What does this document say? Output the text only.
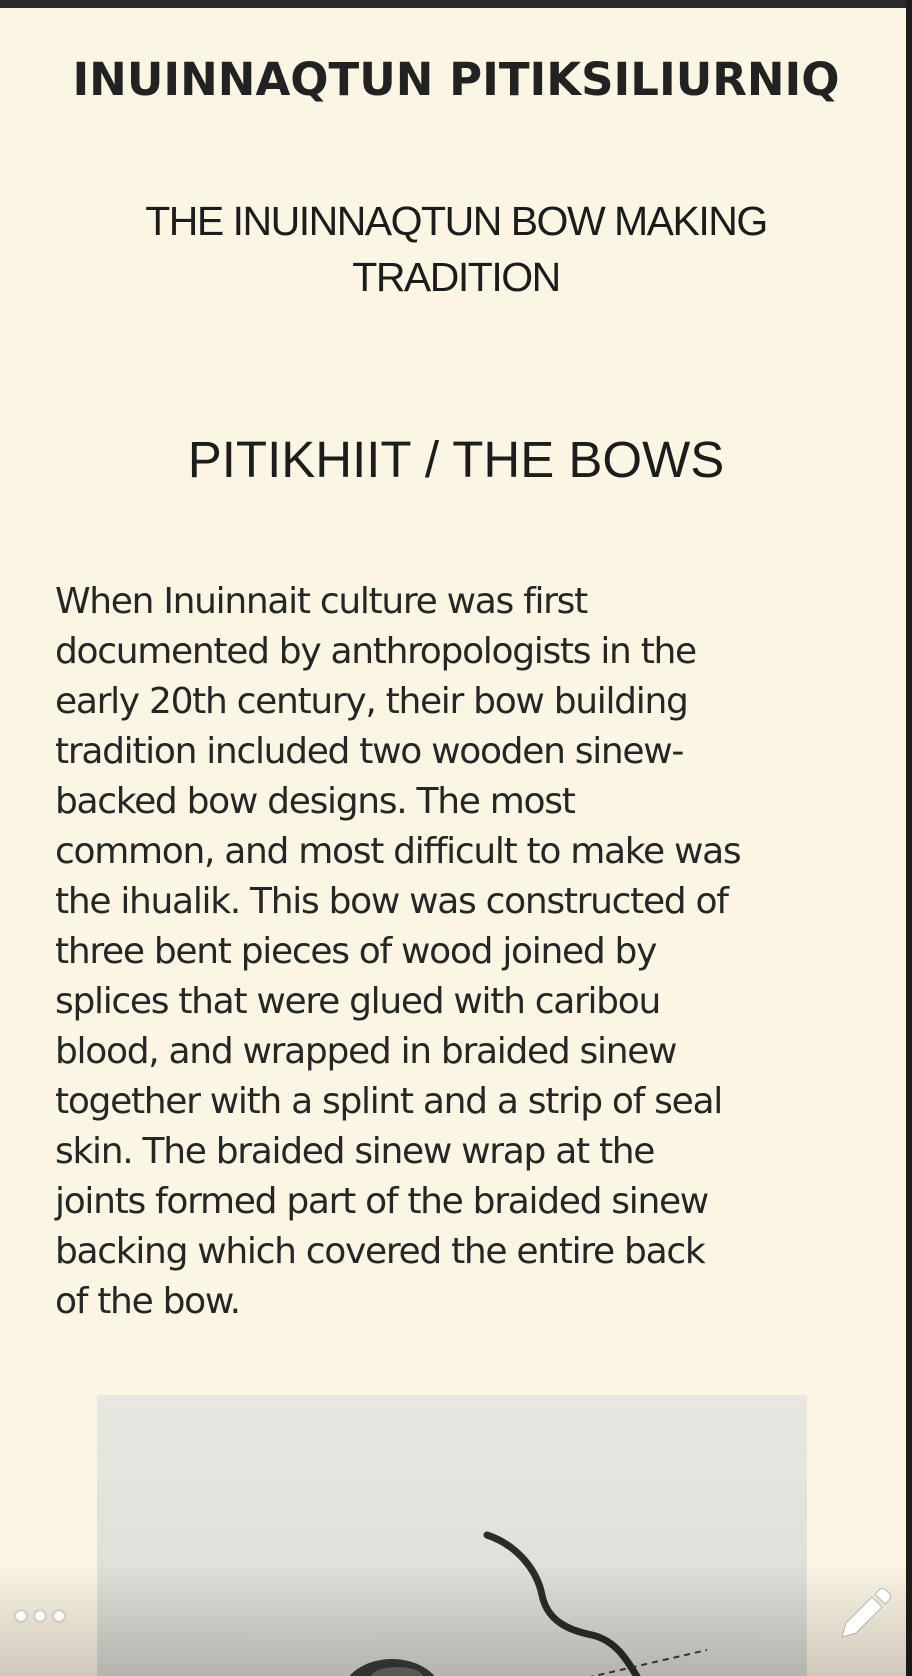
INUINNAQTUN PITIKSILIURNIQ
THE INUINNAQTUN BOW MAKING
TRADITION
PITIKHIIT / THE BOWS

When Inuinnait culture was first
documented by anthropologists in the
early 20th century, their bow building
tradition included two wooden sinew-
backed bow designs. The most
common, and most difficult to make was
the ihualik. This bow was constructed of
three bent pieces of wood joined by
splices that were glued with caribou
blood, and wrapped in braided sinew
together with a splint and a strip of seal
skin. The braided sinew wrap at the
joints formed part of the braided sinew
backing which covered the entire back
of the bow.
